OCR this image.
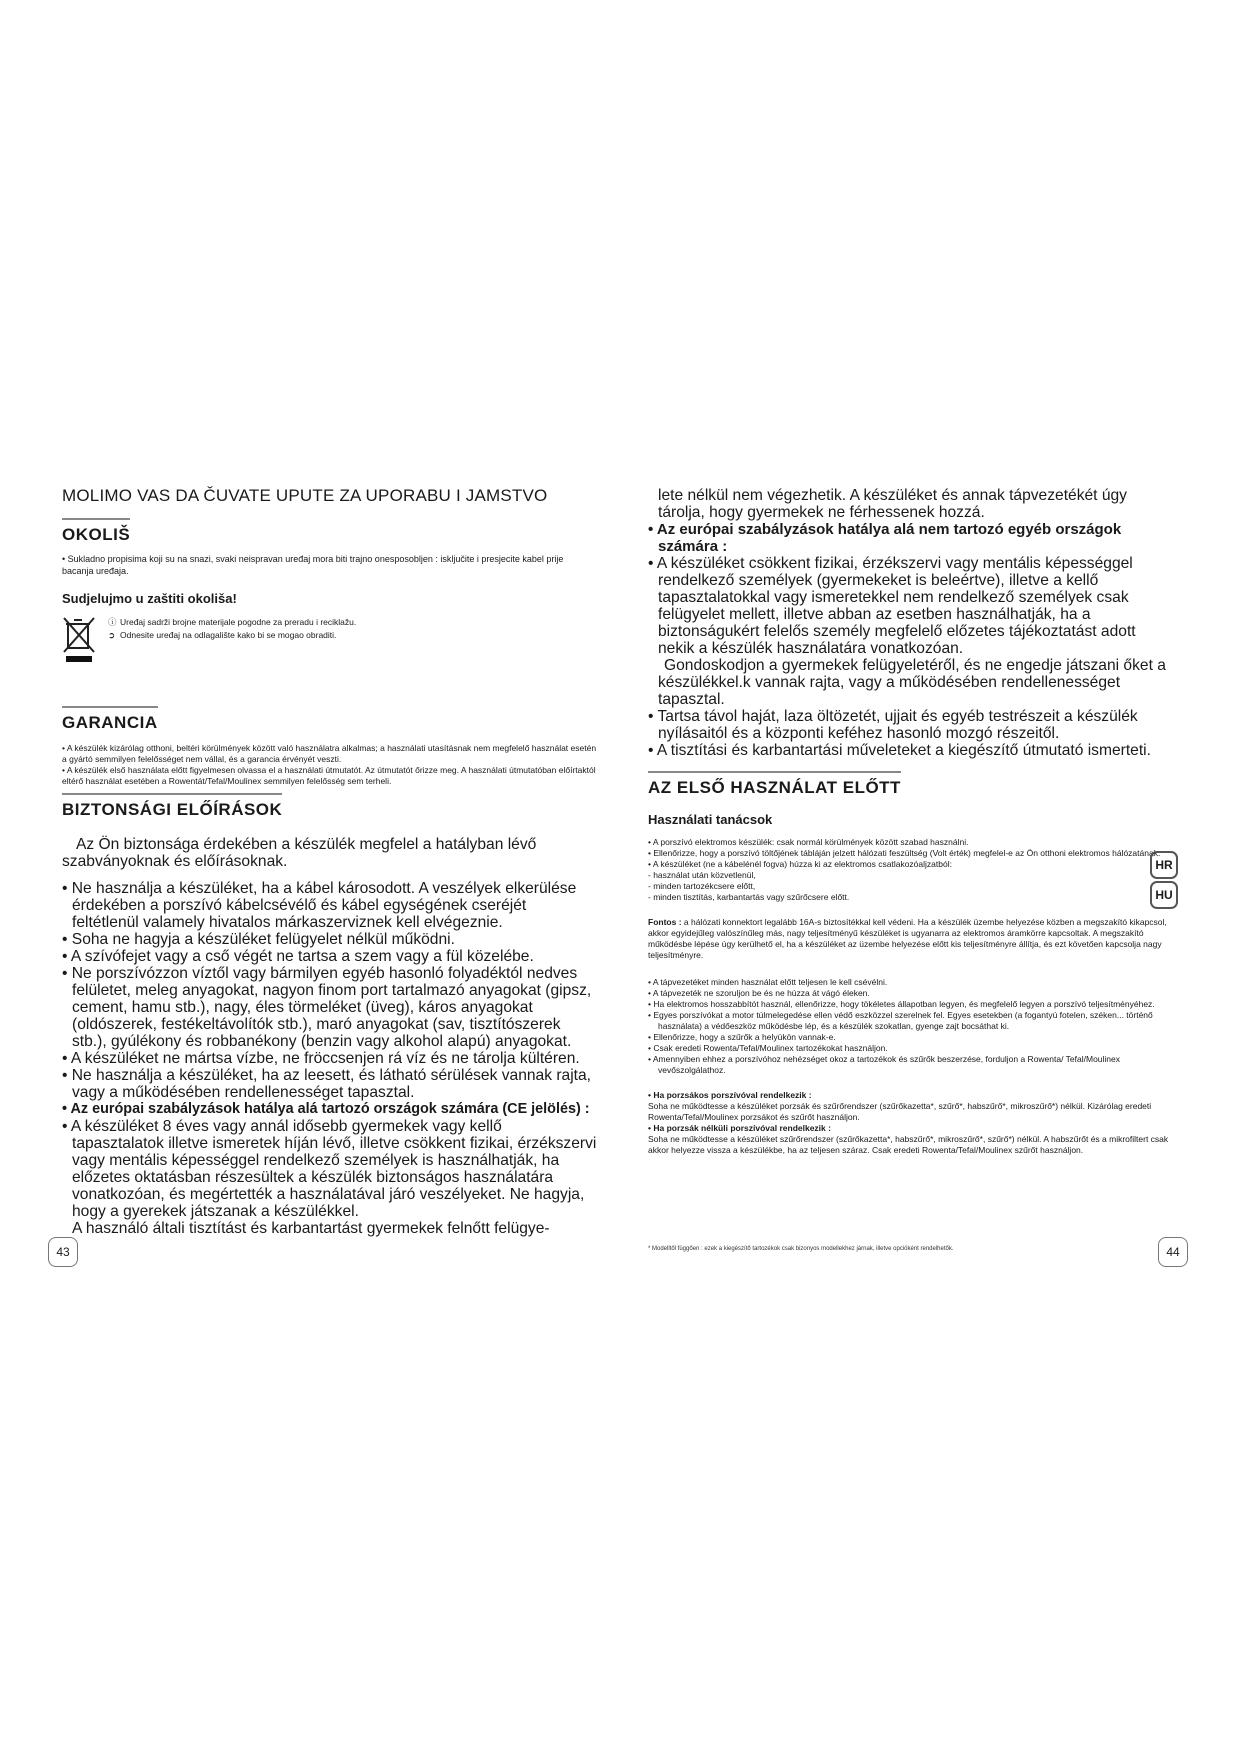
MOLIMO VAS DA ČUVATE UPUTE ZA UPORABU I JAMSTVO
OKOLIŠ
• Sukladno propisima koji su na snazi, svaki neispravan uređaj mora biti trajno onesposobljen : isključite i presjecite kabel prije bacanja uređaja.
Sudjelujmo u zaštiti okoliša!
ⓘ Uređaj sadrži brojne materijale pogodne za preradu i reciklažu.
➲ Odnesite uređaj na odlagalište kako bi se mogao obraditi.
GARANCIA
• A készülék kizárólag otthoni, beltéri körülmények között való használatra alkalmas; a használati utasításnak nem megfelelő használat esetén a gyártó semmilyen felelősséget nem vállal, és a garancia érvényét veszti.
• A készülék első használata előtt figyelmesen olvassa el a használati útmutatót. Az útmutatót őrizze meg. A használati útmutatóban előírtaktól eltérő használat esetében a Rowentát/Tefal/Moulinex semmilyen felelősség sem terheli.
BIZTONSÁGI ELŐÍRÁSOK

Az Ön biztonsága érdekében a készülék megfelel a hatályban lévő szabványoknak és előírásoknak.

• Ne használja a készüléket, ha a kábel károsodott. A veszélyek elkerülése érdekében a porszívó kábelcsévélő és kábel egységének cseréjét feltétlenül valamely hivatalos márkaszerviznek kell elvégeznie.
• Soha ne hagyja a készüléket felügyelet nélkül működni.
• A szívófejet vagy a cső végét ne tartsa a szem vagy a fül közelébe.
• Ne porszívózzon víztől vagy bármilyen egyéb hasonló folyadéktól nedves felületet, meleg anyagokat, nagyon finom port tartalmazó anyagokat (gipsz, cement, hamu stb.), nagy, éles törmeléket (üveg), káros anyagokat (oldószerek, festékeltávolítók stb.), maró anyagokat (sav, tisztítószerek stb.), gyúlékony és robbanékony (benzin vagy alkohol alapú) anyagokat.
• A készüléket ne mártsa vízbe, ne fröccsenjen rá víz és ne tárolja kültéren.
• Ne használja a készüléket, ha az leesett, és látható sérülések vannak rajta, vagy a működésében rendellenességet tapasztal.
• Az európai szabályzások hatálya alá tartozó országok számára (CE jelölés) :
• A készüléket 8 éves vagy annál idősebb gyermekek vagy kellő tapasztalatok illetve ismeretek híján lévő, illetve csökkent fizikai, érzékszervi vagy mentális képességgel rendelkező személyek is használhatják, ha előzetes oktatásban részesültek a készülék biztonságos használatára vonatkozóan, és megértették a használatával járó veszélyeket. Ne hagyja, hogy a gyerekek játszanak a készülékkel.
A használó általi tisztítást és karbantartást gyermekek felnőtt felügye-

lete nélkül nem végezhetik. A készüléket és annak tápvezetékét úgy tárolja, hogy gyermekek ne férhessenek hozzá.

• Az európai szabályzások hatálya alá nem tartozó egyéb országok számára :
• A készüléket csökkent fizikai, érzékszervi vagy mentális képességgel rendelkező személyek (gyermekeket is beleértve), illetve a kellő tapasztalatokkal vagy ismeretekkel nem rendelkező személyek csak felügyelet mellett, illetve abban az esetben használhatják, ha a biztonságukért felelős személy megfelelő előzetes tájékoztatást adott nekik a készülék használatára vonatkozóan.
Gondoskodjon a gyermekek felügyeletéről, és ne engedje játszani őket a készülékkel.k vannak rajta, vagy a működésében rendellenességet tapasztal.
• Tartsa távol haját, laza öltözetét, ujjait és egyéb testrészeit a készülék nyílásaitól és a központi keféhez hasonló mozgó részeitől.
• A tisztítási és karbantartási műveleteket a kiegészítő útmutató ismerteti.
AZ ELSŐ HASZNÁLAT ELŐTT
Használati tanácsok
• A porszívó elektromos készülék: csak normál körülmények között szabad használni.
• Ellenőrizze, hogy a porszívó töltőjének tábláján jelzett hálózati feszültség (Volt érték) megfelel-e az Ön otthoni elektromos hálózatának.
• A készüléket (ne a kábelénél fogva) húzza ki az elektromos csatlakozóaljzatból:
- használat után közvetlenül,
- minden tartozékcsere előtt,
- minden tisztítás, karbantartás vagy szűrőcsere előtt.
Fontos : a hálózati konnektort legalább 16A-s biztosítékkal kell védeni. Ha a készülék üzembe helyezése közben a megszakító kikapcsol, akkor egyidejűleg valószínűleg más, nagy teljesítményű készüléket is ugyanarra az elektromos áramkörre kapcsoltak. A megszakító működésbe lépése úgy kerülhető el, ha a készüléket az üzembe helyezése előtt kis teljesítményre állítja, és ezt követően kapcsolja nagy teljesítményre.
• A tápvezetéket minden használat előtt teljesen le kell csévélni.
• A tápvezeték ne szoruljon be és ne húzza át vágó éleken.
• Ha elektromos hosszabbítót használ, ellenőrizze, hogy tökéletes állapotban legyen, és megfelelő legyen a porszívó teljesítményéhez.
• Egyes porszívókat a motor túlmelegedése ellen védő eszközzel szerelnek fel. Egyes esetekben (a fogantyú fotelen, széken... történő használata) a védőeszköz működésbe lép, és a készülék szokatlan, gyenge zajt bocsáthat ki.
• Ellenőrizze, hogy a szűrők a helyükön vannak-e.
• Csak eredeti Rowenta/Tefal/Moulinex tartozékokat használjon.
• Amennyiben ehhez a porszívóhoz nehézséget okoz a tartozékok és szűrők beszerzése, forduljon a Rowenta/ Tefal/Moulinex vevőszolgálathoz.
• Ha porzsákos porszívóval rendelkezik :
Soha ne működtesse a készüléket porzsák és szűrőrendszer (szűrőkazetta*, szűrő*, habszűrő*, mikroszűrő*) nélkül. Kizárólag eredeti Rowenta/Tefal/Moulinex porzsákot és szűrőt használjon.
• Ha porzsák nélküli porszívóval rendelkezik :
Soha ne működtesse a készüléket szűrőrendszer (szűrőkazetta*, habszűrő*, mikroszűrő*, szűrő*) nélkül. A habszűrőt és a mikrofiltert csak akkor helyezze vissza a készülékbe, ha az teljesen száraz. Csak eredeti Rowenta/Tefal/Moulinex szűrőt használjon.
* Modelltől függően : ezek a kiegészítő tartozékok csak bizonyos modellekhez járnak, illetve opcióként rendelhetők.
HR
HU
43	44
